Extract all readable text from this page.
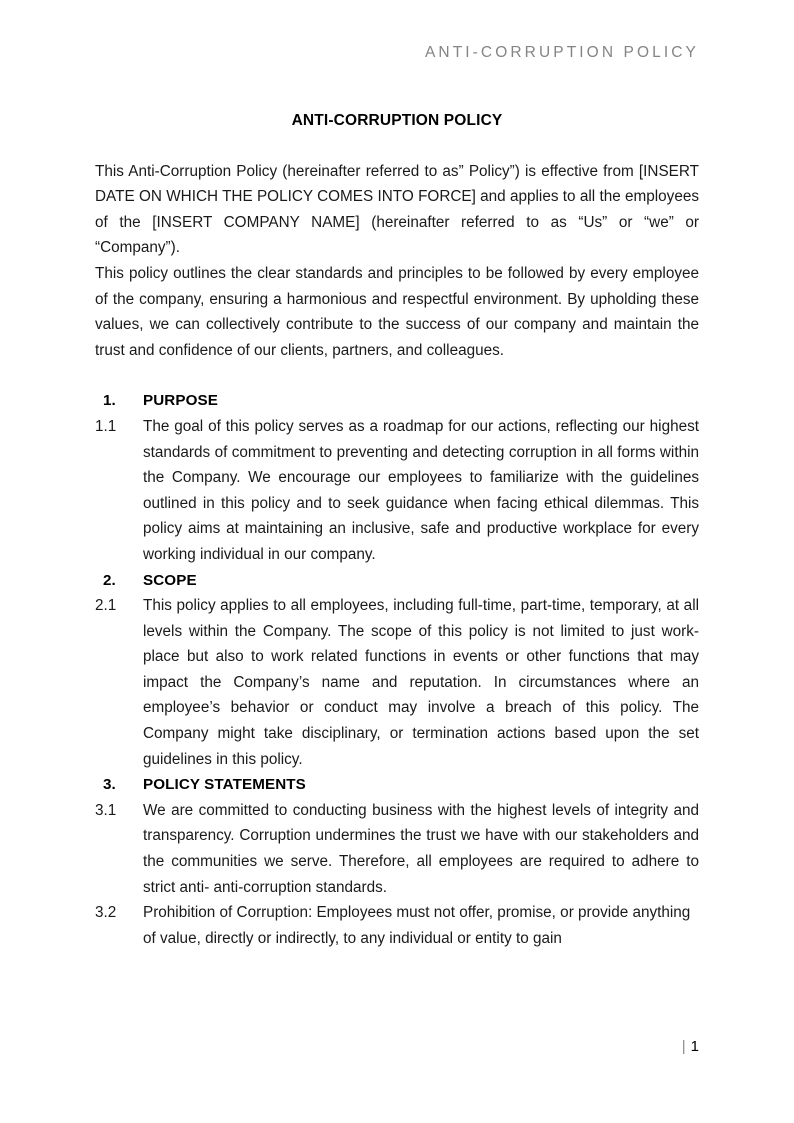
ANTI-CORRUPTION POLICY
ANTI-CORRUPTION POLICY

This Anti-Corruption Policy (hereinafter referred to as” Policy”) is effective from [INSERT DATE ON WHICH THE POLICY COMES INTO FORCE] and applies to all the employees of the [INSERT COMPANY NAME] (hereinafter referred to as “Us” or “we” or “Company”).

This policy outlines the clear standards and principles to be followed by every employee of the company, ensuring a harmonious and respectful environment. By upholding these values, we can collectively contribute to the success of our company and maintain the trust and confidence of our clients, partners, and colleagues.

1.	PURPOSE
1.1	The goal of this policy serves as a roadmap for our actions, reflecting our highest standards of commitment to preventing and detecting corruption in all forms within the Company. We encourage our employees to familiarize with the guidelines outlined in this policy and to seek guidance when facing ethical dilemmas. This policy aims at maintaining an inclusive, safe and productive workplace for every working individual in our company.
2.	SCOPE
2.1	This policy applies to all employees, including full-time, part-time, temporary, at all levels within the Company. The scope of this policy is not limited to just work-place but also to work related functions in events or other functions that may impact the Company’s name and reputation. In circumstances where an employee’s behavior or conduct may involve a breach of this policy. The Company might take disciplinary, or termination actions based upon the set guidelines in this policy.
3.	POLICY STATEMENTS
3.1	We are committed to conducting business with the highest levels of integrity and transparency. Corruption undermines the trust we have with our stakeholders and the communities we serve. Therefore, all employees are required to adhere to strict anti- anti-corruption standards.
3.2	Prohibition of Corruption: Employees must not offer, promise, or provide anything of value, directly or indirectly, to any individual or entity to gain
| 1
